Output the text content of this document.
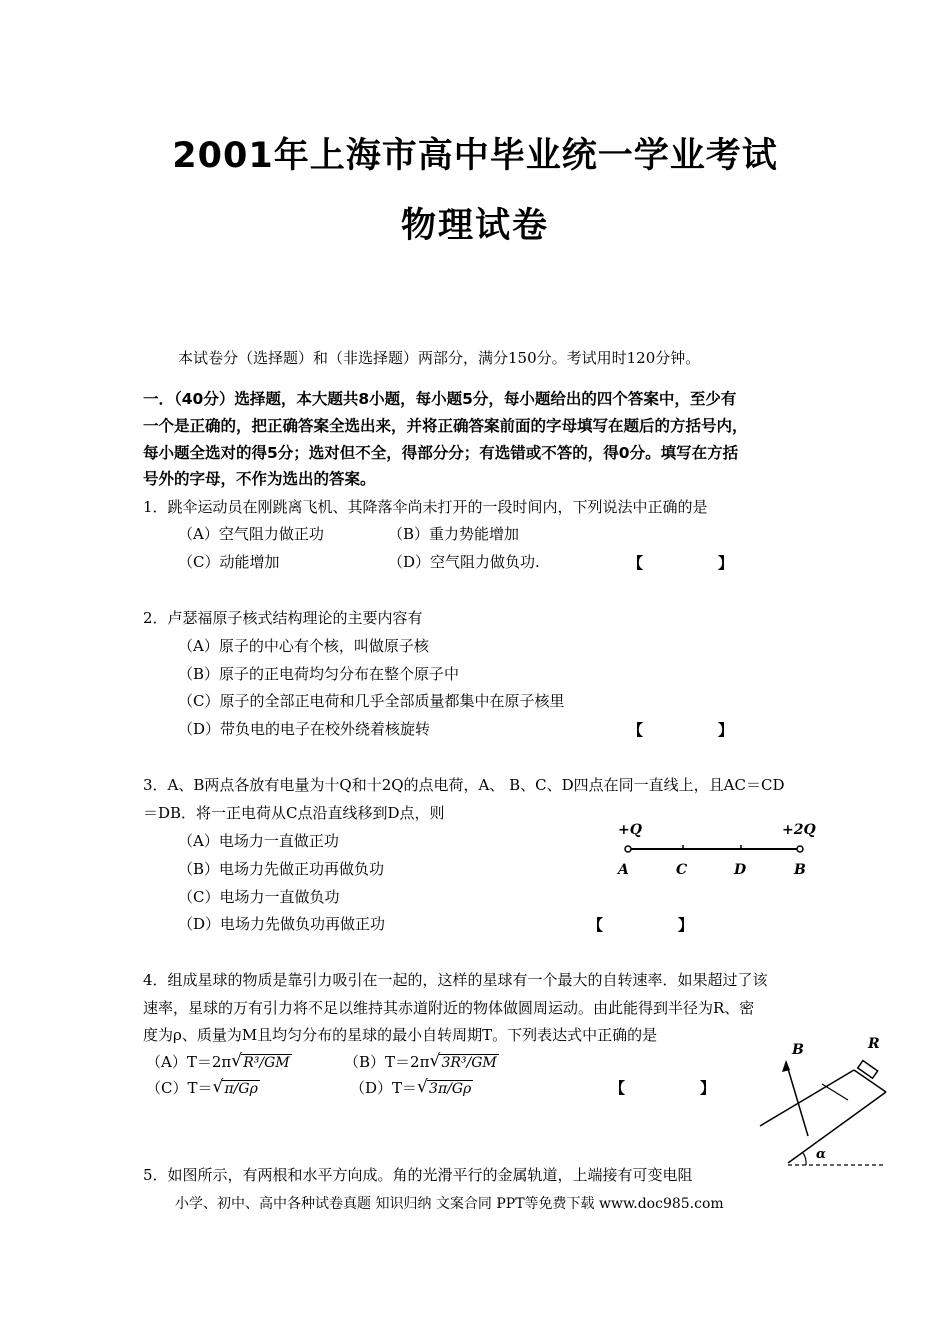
2001年上海市高中毕业统一学业考试
物理试卷
本试卷分（选择题）和（非选择题）两部分，满分150分。考试用时120分钟。
一．（40分）选择题，本大题共8小题，每小题5分，每小题给出的四个答案中，至少有
一个是正确的，把正确答案全选出来，并将正确答案前面的字母填写在题后的方括号内，
每小题全选对的得5分；选对但不全，得部分分；有选错或不答的，得0分。填写在方括
号外的字母，不作为选出的答案。
1．跳伞运动员在刚跳离飞机、其降落伞尚未打开的一段时间内，下列说法中正确的是
（A）空气阻力做正功	（B）重力势能增加
（C）动能增加	（D）空气阻力做负功.	【　　　　　】
2．卢瑟福原子核式结构理论的主要内容有
（A）原子的中心有个核，叫做原子核
（B）原子的正电荷均匀分布在整个原子中
（C）原子的全部正电荷和几乎全部质量都集中在原子核里
（D）带负电的电子在校外绕着核旋转	【　　　　　】
3．A、B两点各放有电量为十Q和十2Q的点电荷，A、 B、C、D四点在同一直线上，且AC＝CD
＝DB．将一正电荷从C点沿直线移到D点，则
（A）电场力一直做正功
（B）电场力先做正功再做负功
（C）电场力一直做负功
（D）电场力先做负功再做正功	【　　　　　】
+Q	+2Q
A	C	D	B
4．组成星球的物质是靠引力吸引在一起的，这样的星球有一个最大的自转速率．如果超过了该
速率，星球的万有引力将不足以维持其赤道附近的物体做圆周运动。由此能得到半径为R、密
度为ρ、质量为M且均匀分布的星球的最小自转周期T。下列表达式中正确的是
（A）T＝2π √ R³/GM	（B）T＝2π √ 3R³/GM
（C）T＝ √ π/Gρ	（D）T＝ √ 3π/Gρ	【　　　　　】
B	R
α
5．如图所示，有两根和水平方向成。角的光滑平行的金属轨道，上端接有可变电阻
小学、初中、高中各种试卷真题 知识归纳 文案合同 PPT等免费下载 www.doc985.com
